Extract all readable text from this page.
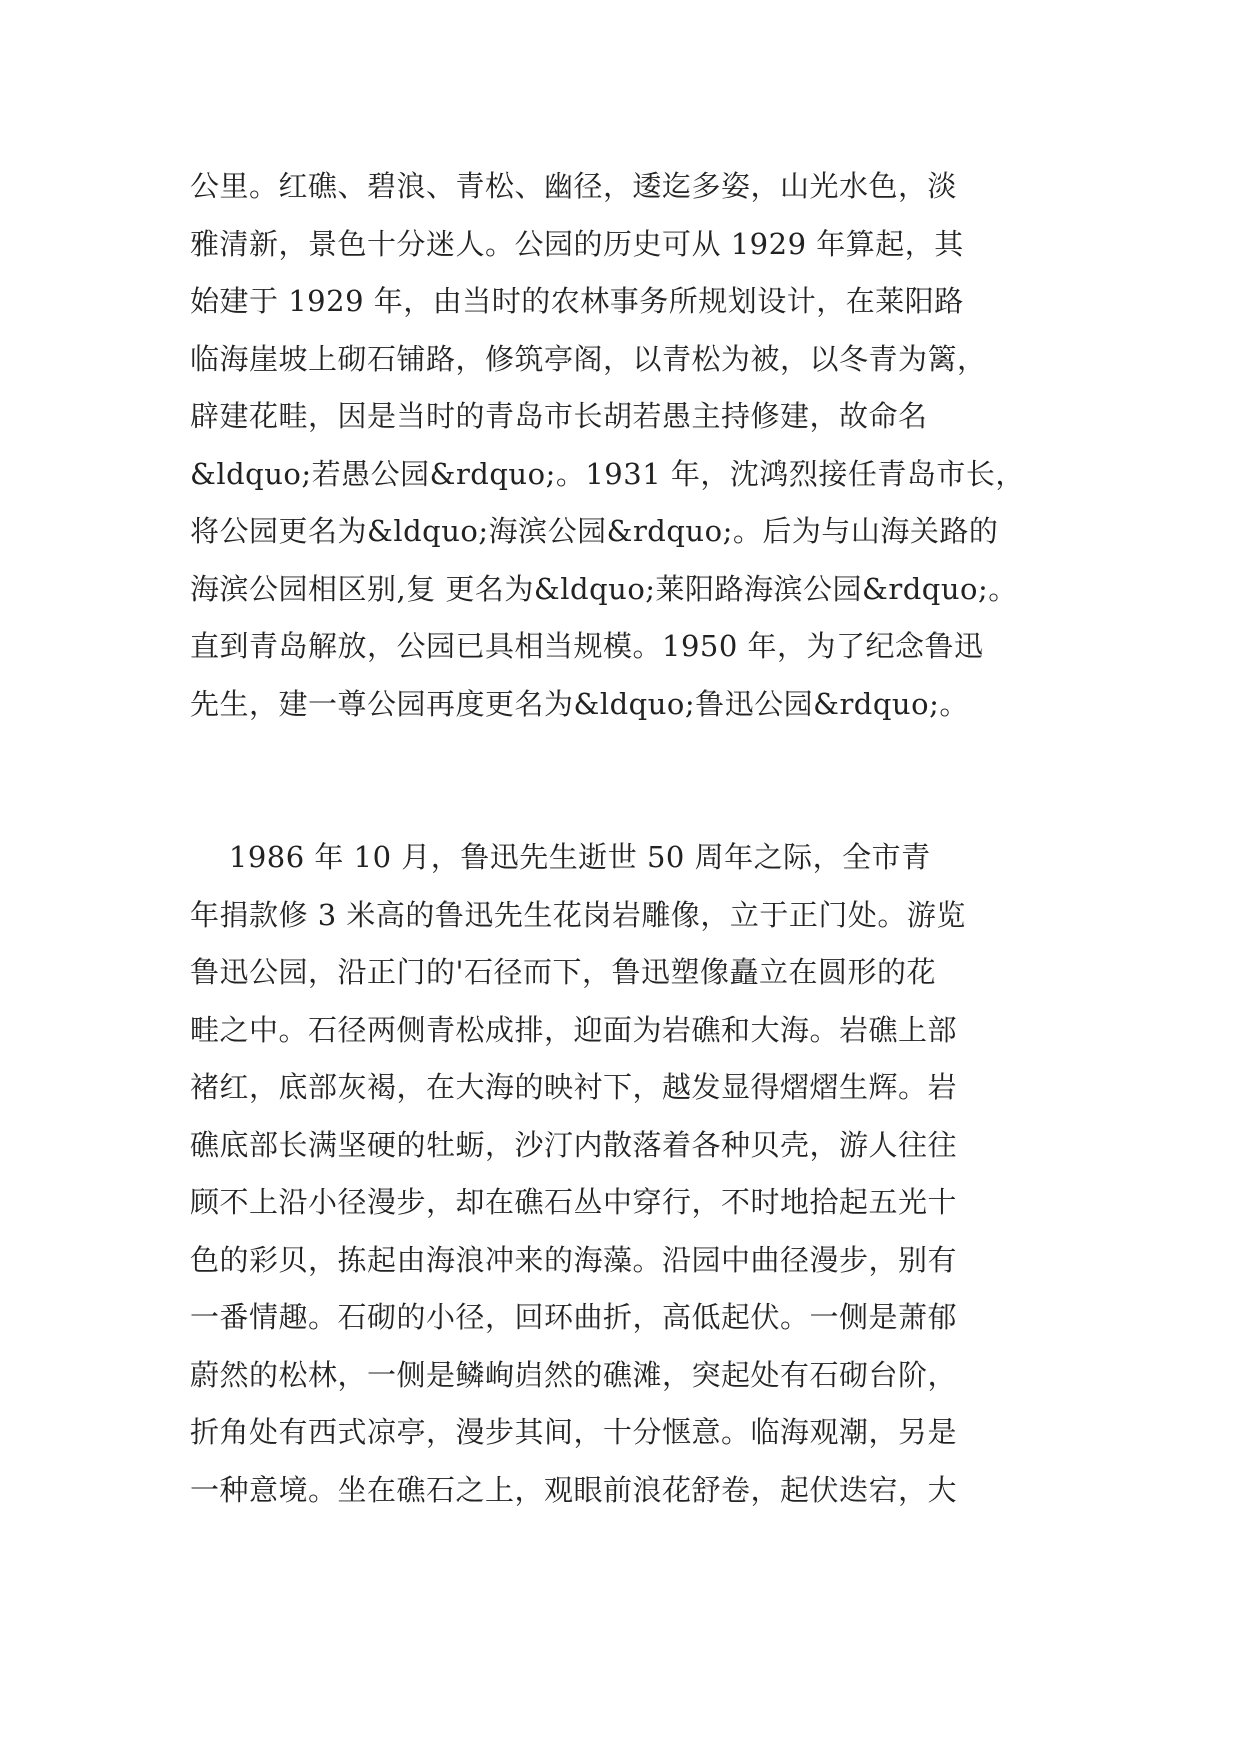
公里。红礁、碧浪、青松、幽径，逶迄多姿，山光水色，淡
雅清新，景色十分迷人。公园的历史可从 1929 年算起，其
始建于 1929 年，由当时的农林事务所规划设计，在莱阳路
临海崖坡上砌石铺路，修筑亭阁，以青松为被，以冬青为篱，
辟建花畦，因是当时的青岛市长胡若愚主持修建，故命名
&ldquo;若愚公园&rdquo;。1931 年，沈鸿烈接任青岛市长，
将公园更名为&ldquo;海滨公园&rdquo;。后为与山海关路的
海滨公园相区别,复 更名为&ldquo;莱阳路海滨公园&rdquo;。
直到青岛解放，公园已具相当规模。1950 年，为了纪念鲁迅
先生，建一尊公园再度更名为&ldquo;鲁迅公园&rdquo;。
1986 年 10 月，鲁迅先生逝世 50 周年之际，全市青
年捐款修 3 米高的鲁迅先生花岗岩雕像，立于正门处。游览
鲁迅公园，沿正门的'石径而下，鲁迅塑像矗立在圆形的花
畦之中。石径两侧青松成排，迎面为岩礁和大海。岩礁上部
褚红，底部灰褐，在大海的映衬下，越发显得熠熠生辉。岩
礁底部长满坚硬的牡蛎，沙汀内散落着各种贝壳，游人往往
顾不上沿小径漫步，却在礁石丛中穿行，不时地拾起五光十
色的彩贝，拣起由海浪冲来的海藻。沿园中曲径漫步，别有
一番情趣。石砌的小径，回环曲折，高低起伏。一侧是萧郁
蔚然的松林，一侧是鳞峋岿然的礁滩，突起处有石砌台阶，
折角处有西式凉亭，漫步其间，十分惬意。临海观潮，另是
一种意境。坐在礁石之上，观眼前浪花舒卷，起伏迭宕，大
